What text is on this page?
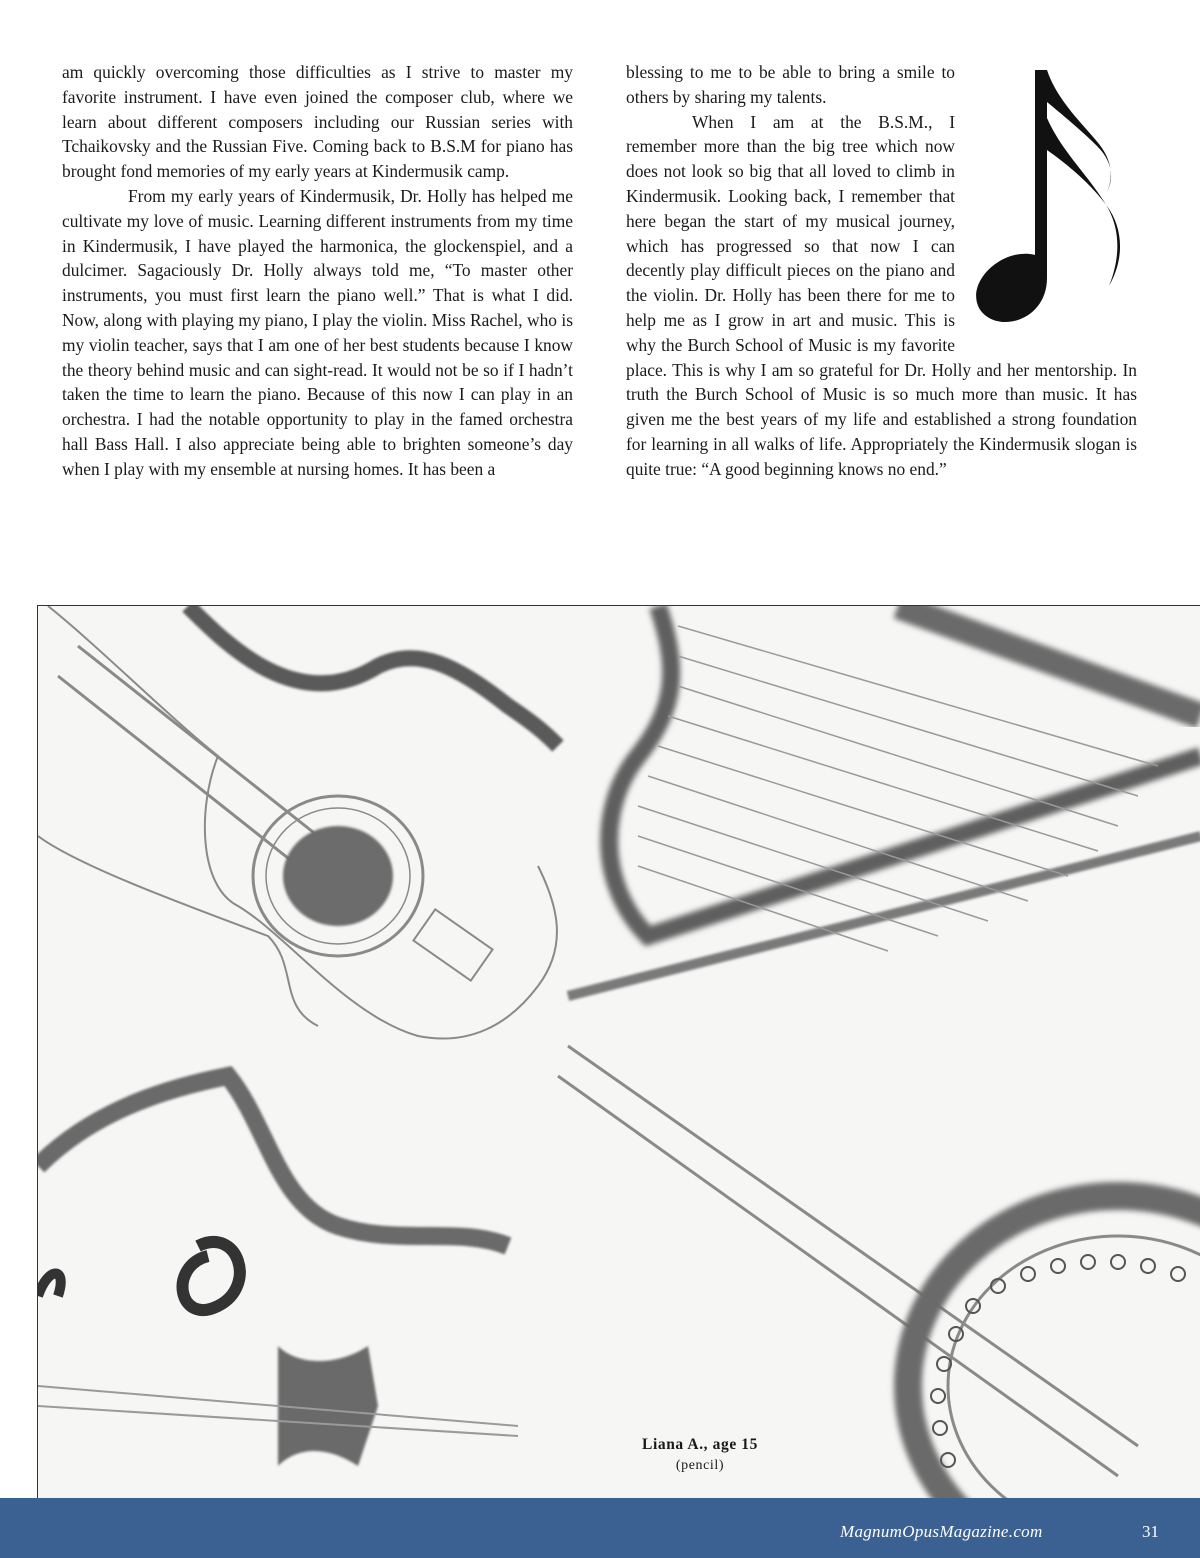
am quickly overcoming those difficulties as I strive to master my favorite instrument. I have even joined the composer club, where we learn about different composers including our Russian series with Tchaikovsky and the Russian Five. Coming back to B.S.M for piano has brought fond memories of my early years at Kindermusik camp.

From my early years of Kindermusik, Dr. Holly has helped me cultivate my love of music. Learning different instruments from my time in Kindermusik, I have played the harmonica, the glockenspiel, and a dulcimer. Sagaciously Dr. Holly always told me, “To master other instruments, you must first learn the piano well.” That is what I did. Now, along with playing my piano, I play the violin. Miss Rachel, who is my violin teacher, says that I am one of her best students because I know the theory behind music and can sight-read. It would not be so if I hadn’t taken the time to learn the piano. Because of this now I can play in an orchestra. I had the notable opportunity to play in the famed orchestra hall Bass Hall. I also appreciate being able to brighten someone’s day when I play with my ensemble at nursing homes. It has been a

blessing to me to be able to bring a smile to others by sharing my talents.

When I am at the B.S.M., I remember more than the big tree which now does not look so big that all loved to climb in Kindermusik. Looking back, I remember that here began the start of my musical journey, which has progressed so that now I can decently play difficult pieces on the piano and the violin. Dr. Holly has been there for me to help me as I grow in art and music. This is why the Burch School of Music is my favorite place. This is why I am so grateful for Dr. Holly and her mentorship. In truth the Burch School of Music is so much more than music. It has given me the best years of my life and established a strong foundation for learning in all walks of life. Appropriately the Kindermusik slogan is quite true: “A good beginning knows no end.”

Liana A., age 15
(pencil)
MagnumOpusMagazine.com	31
